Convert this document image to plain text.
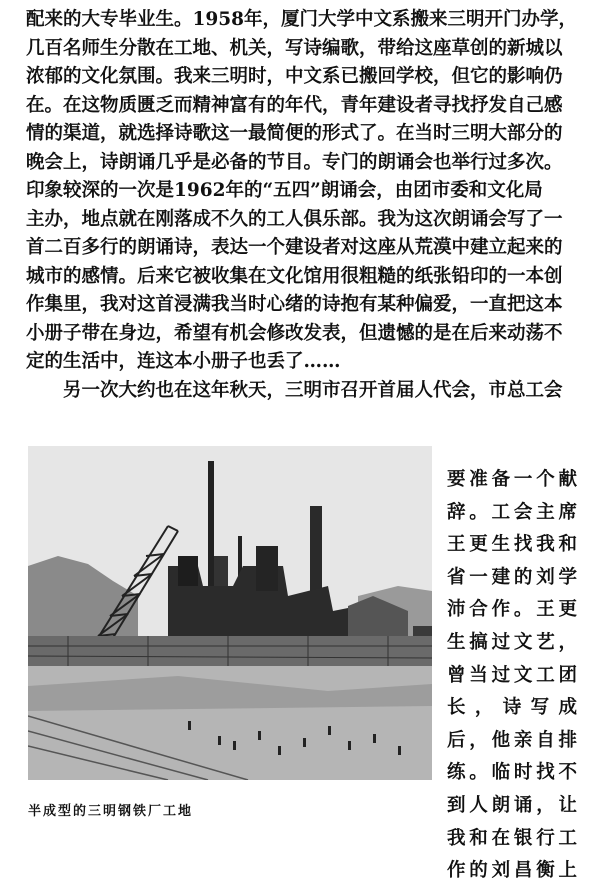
配来的大专毕业生。1958年，厦门大学中文系搬来三明开门办学，
几百名师生分散在工地、机关，写诗编歌，带给这座草创的新城以
浓郁的文化氛围。我来三明时，中文系已搬回学校，但它的影响仍
在。在这物质匮乏而精神富有的年代，青年建设者寻找抒发自己感
情的渠道，就选择诗歌这一最简便的形式了。在当时三明大部分的
晚会上，诗朗诵几乎是必备的节目。专门的朗诵会也举行过多次。
印象较深的一次是1962年的“五四”朗诵会，由团市委和文化局
主办，地点就在刚落成不久的工人俱乐部。我为这次朗诵会写了一
首二百多行的朗诵诗，表达一个建设者对这座从荒漠中建立起来的
城市的感情。后来它被收集在文化馆用很粗糙的纸张铅印的一本创
作集里，我对这首浸满我当时心绪的诗抱有某种偏爱，一直把这本
小册子带在身边，希望有机会修改发表，但遗憾的是在后来动荡不
定的生活中，连这本小册子也丢了……

另一次大约也在这年秋天，三明市召开首届人代会，市总工会

半成型的三明钢铁厂工地
要准备一个献
辞。工会主席
王更生找我和
省一建的刘学
沛合作。王更
生搞过文艺，
曾当过文工团
长，诗写成
后，他亲自排
练。临时找不
到人朗诵，让
我和在银行工
作的刘昌衡上
